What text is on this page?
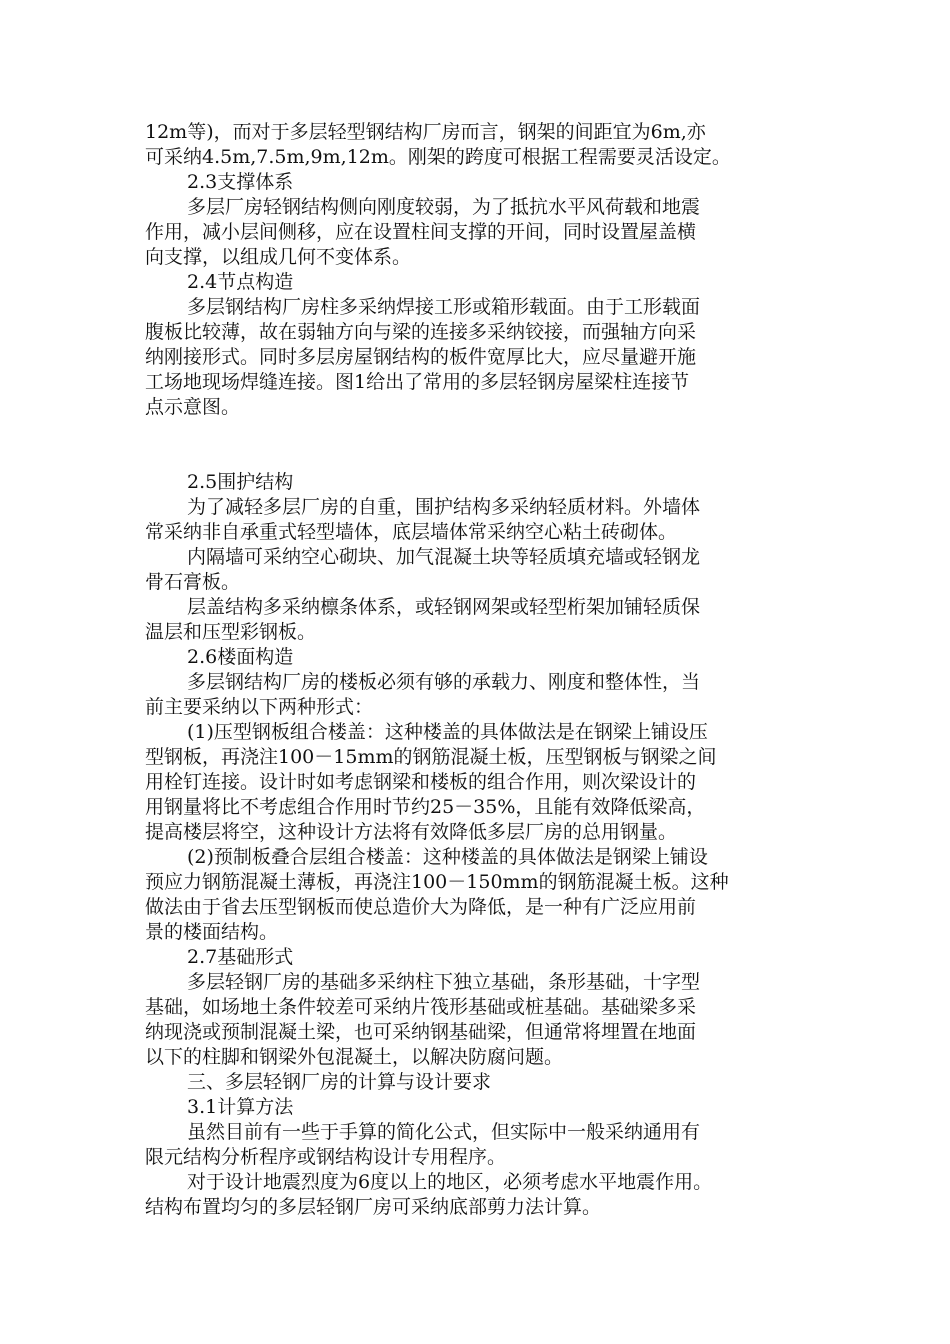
12m等)，而对于多层轻型钢结构厂房而言，钢架的间距宜为6m,亦
可采纳4.5m,7.5m,9m,12m。刚架的跨度可根据工程需要灵活设定。
2.3支撑体系
多层厂房轻钢结构侧向刚度较弱，为了抵抗水平风荷载和地震
作用，减小层间侧移，应在设置柱间支撑的开间，同时设置屋盖横
向支撑，以组成几何不变体系。
2.4节点构造
多层钢结构厂房柱多采纳焊接工形或箱形载面。由于工形载面
腹板比较薄，故在弱轴方向与梁的连接多采纳铰接，而强轴方向采
纳刚接形式。同时多层房屋钢结构的板件宽厚比大，应尽量避开施
工场地现场焊缝连接。图1给出了常用的多层轻钢房屋梁柱连接节
点示意图。
2.5围护结构
为了减轻多层厂房的自重，围护结构多采纳轻质材料。外墙体
常采纳非自承重式轻型墙体，底层墙体常采纳空心粘土砖砌体。
内隔墙可采纳空心砌块、加气混凝土块等轻质填充墙或轻钢龙
骨石膏板。
层盖结构多采纳檩条体系，或轻钢网架或轻型桁架加铺轻质保
温层和压型彩钢板。
2.6楼面构造
多层钢结构厂房的楼板必须有够的承载力、刚度和整体性，当
前主要采纳以下两种形式：
(1)压型钢板组合楼盖：这种楼盖的具体做法是在钢梁上铺设压
型钢板，再浇注100－15mm的钢筋混凝土板，压型钢板与钢梁之间
用栓钉连接。设计时如考虑钢梁和楼板的组合作用，则次梁设计的
用钢量将比不考虑组合作用时节约25－35%，且能有效降低梁高，
提高楼层将空，这种设计方法将有效降低多层厂房的总用钢量。
(2)预制板叠合层组合楼盖：这种楼盖的具体做法是钢梁上铺设
预应力钢筋混凝土薄板，再浇注100－150mm的钢筋混凝土板。这种
做法由于省去压型钢板而使总造价大为降低，是一种有广泛应用前
景的楼面结构。
2.7基础形式
多层轻钢厂房的基础多采纳柱下独立基础，条形基础，十字型
基础，如场地土条件较差可采纳片筏形基础或桩基础。基础梁多采
纳现浇或预制混凝土梁，也可采纳钢基础梁，但通常将埋置在地面
以下的柱脚和钢梁外包混凝土，以解决防腐问题。
三、多层轻钢厂房的计算与设计要求
3.1计算方法
虽然目前有一些于手算的简化公式，但实际中一般采纳通用有
限元结构分析程序或钢结构设计专用程序。
对于设计地震烈度为6度以上的地区，必须考虑水平地震作用。
结构布置均匀的多层轻钢厂房可采纳底部剪力法计算。
